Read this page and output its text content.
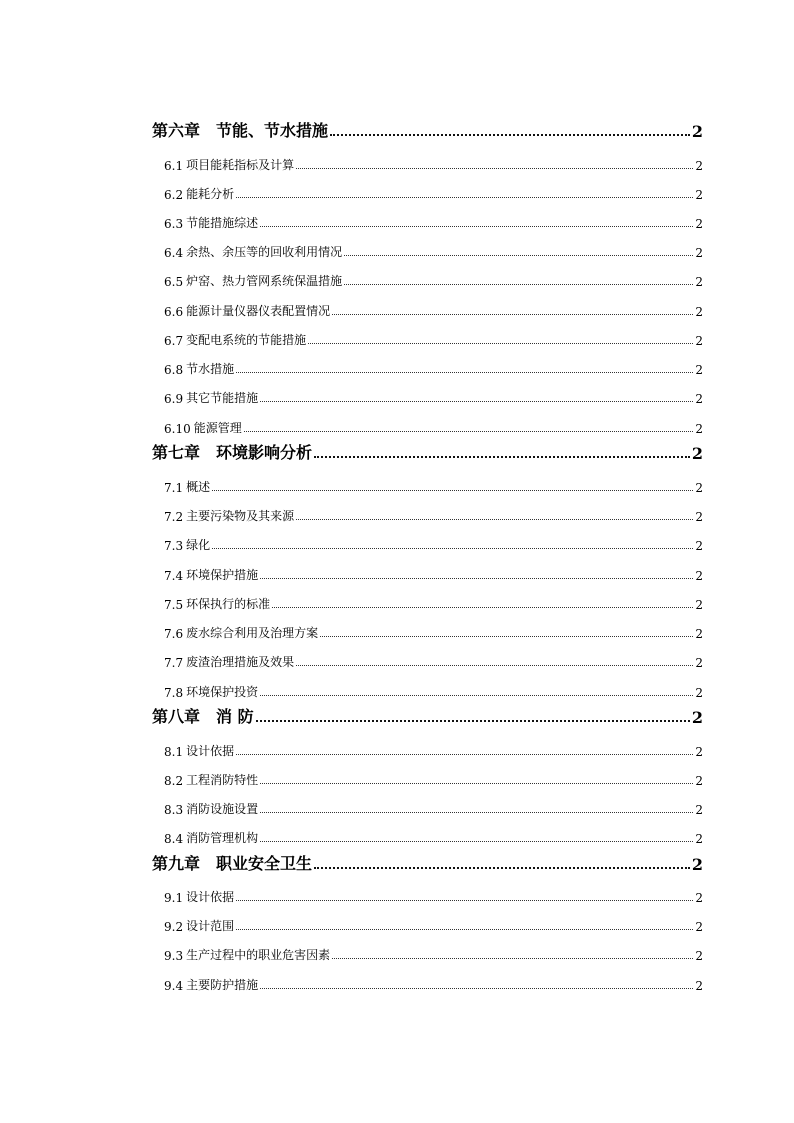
第六章 节能、节水措施	2
6.1 项目能耗指标及计算	2
6.2 能耗分析	2
6.3 节能措施综述	2
6.4 余热、余压等的回收利用情况	2
6.5 炉窑、热力管网系统保温措施	2
6.6 能源计量仪器仪表配置情况	2
6.7 变配电系统的节能措施	2
6.8 节水措施	2
6.9 其它节能措施	2
6.10 能源管理	2
第七章 环境影响分析	2
7.1 概述	2
7.2 主要污染物及其来源	2
7.3 绿化	2
7.4 环境保护措施	2
7.5 环保执行的标准	2
7.6 废水综合利用及治理方案	2
7.7 废渣治理措施及效果	2
7.8 环境保护投资	2
第八章 消 防	2
8.1 设计依据	2
8.2 工程消防特性	2
8.3 消防设施设置	2
8.4 消防管理机构	2
第九章 职业安全卫生	2
9.1 设计依据	2
9.2 设计范围	2
9.3 生产过程中的职业危害因素	2
9.4 主要防护措施	2
